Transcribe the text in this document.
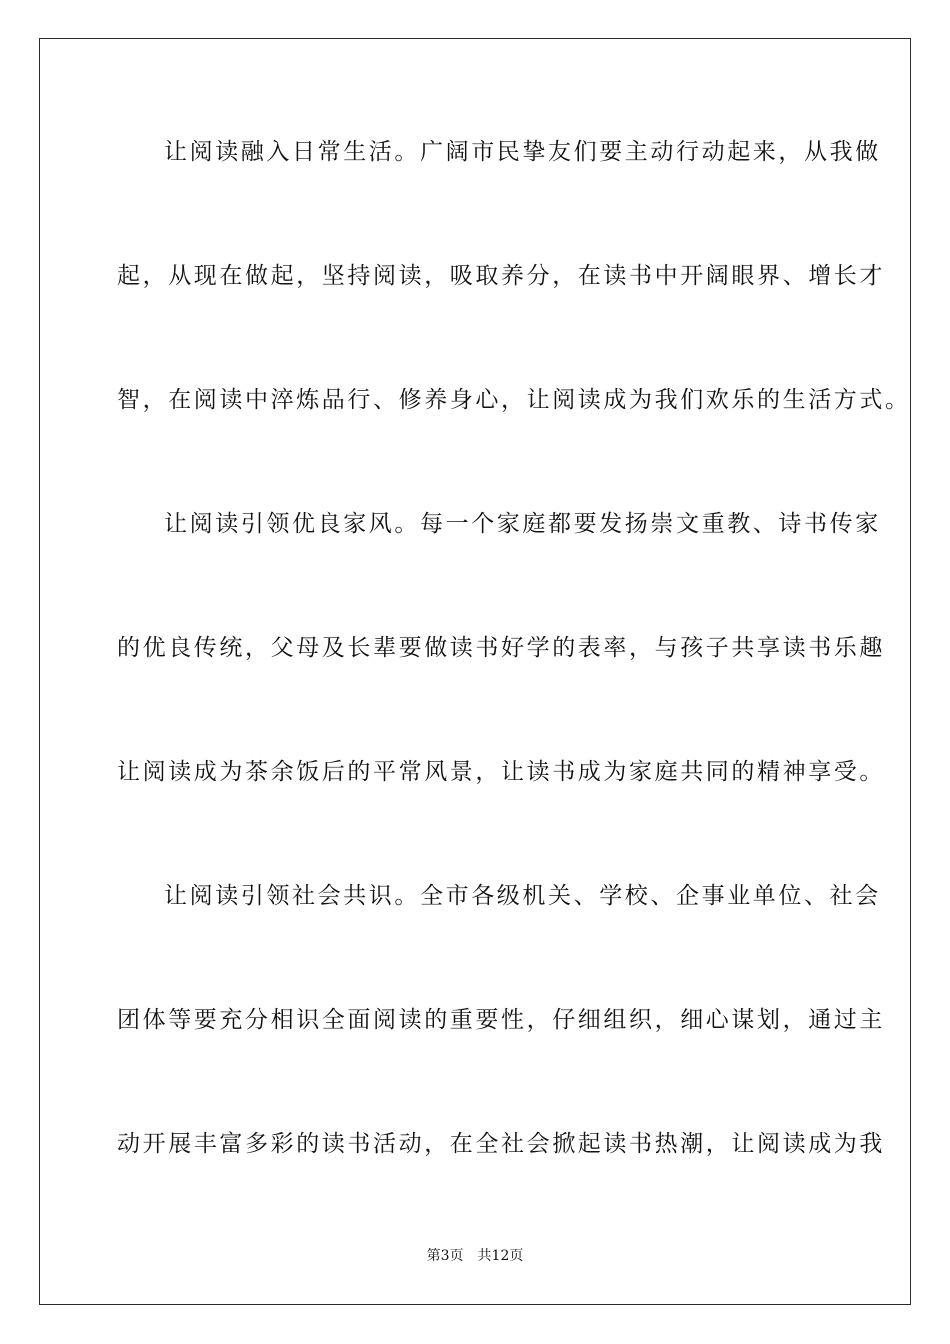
让阅读融入日常生活。广阔市民挚友们要主动行动起来，从我做

起，从现在做起，坚持阅读，吸取养分，在读书中开阔眼界、增长才

智，在阅读中淬炼品行、修养身心，让阅读成为我们欢乐的生活方式。

让阅读引领优良家风。每一个家庭都要发扬崇文重教、诗书传家

的优良传统，父母及长辈要做读书好学的表率，与孩子共享读书乐趣

让阅读成为茶余饭后的平常风景，让读书成为家庭共同的精神享受。

让阅读引领社会共识。全市各级机关、学校、企事业单位、社会

团体等要充分相识全面阅读的重要性，仔细组织，细心谋划，通过主

动开展丰富多彩的读书活动，在全社会掀起读书热潮，让阅读成为我

第3页 共12页
